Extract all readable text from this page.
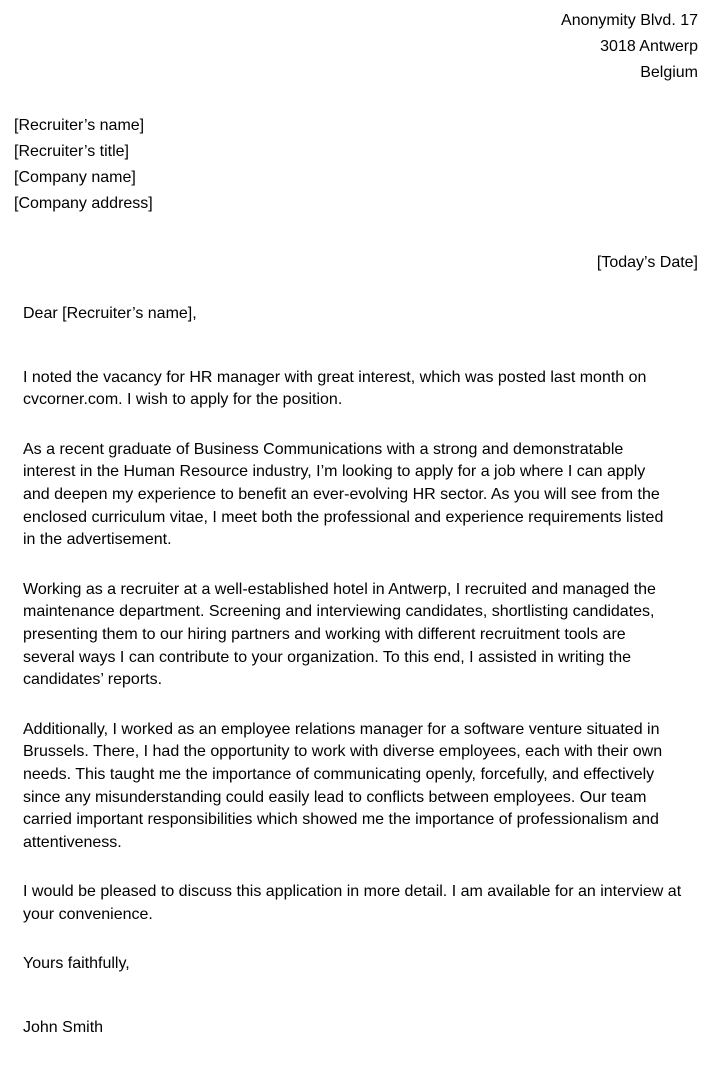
Anonymity Blvd. 17
3018 Antwerp
Belgium
[Recruiter’s name]
[Recruiter’s title]
[Company name]
[Company address]
[Today’s Date]

Dear [Recruiter’s name],

I noted the vacancy for HR manager with great interest, which was posted last month on
cvcorner.com. I wish to apply for the position.

As a recent graduate of Business Communications with a strong and demonstratable
interest in the Human Resource industry, I’m looking to apply for a job where I can apply
and deepen my experience to benefit an ever-evolving HR sector. As you will see from the
enclosed curriculum vitae, I meet both the professional and experience requirements listed
in the advertisement.

Working as a recruiter at a well-established hotel in Antwerp, I recruited and managed the
maintenance department. Screening and interviewing candidates, shortlisting candidates,
presenting them to our hiring partners and working with different recruitment tools are
several ways I can contribute to your organization. To this end, I assisted in writing the
candidates’ reports.

Additionally, I worked as an employee relations manager for a software venture situated in
Brussels. There, I had the opportunity to work with diverse employees, each with their own
needs. This taught me the importance of communicating openly, forcefully, and effectively
since any misunderstanding could easily lead to conflicts between employees. Our team
carried important responsibilities which showed me the importance of professionalism and
attentiveness.

I would be pleased to discuss this application in more detail. I am available for an interview at
your convenience.

Yours faithfully,

John Smith
